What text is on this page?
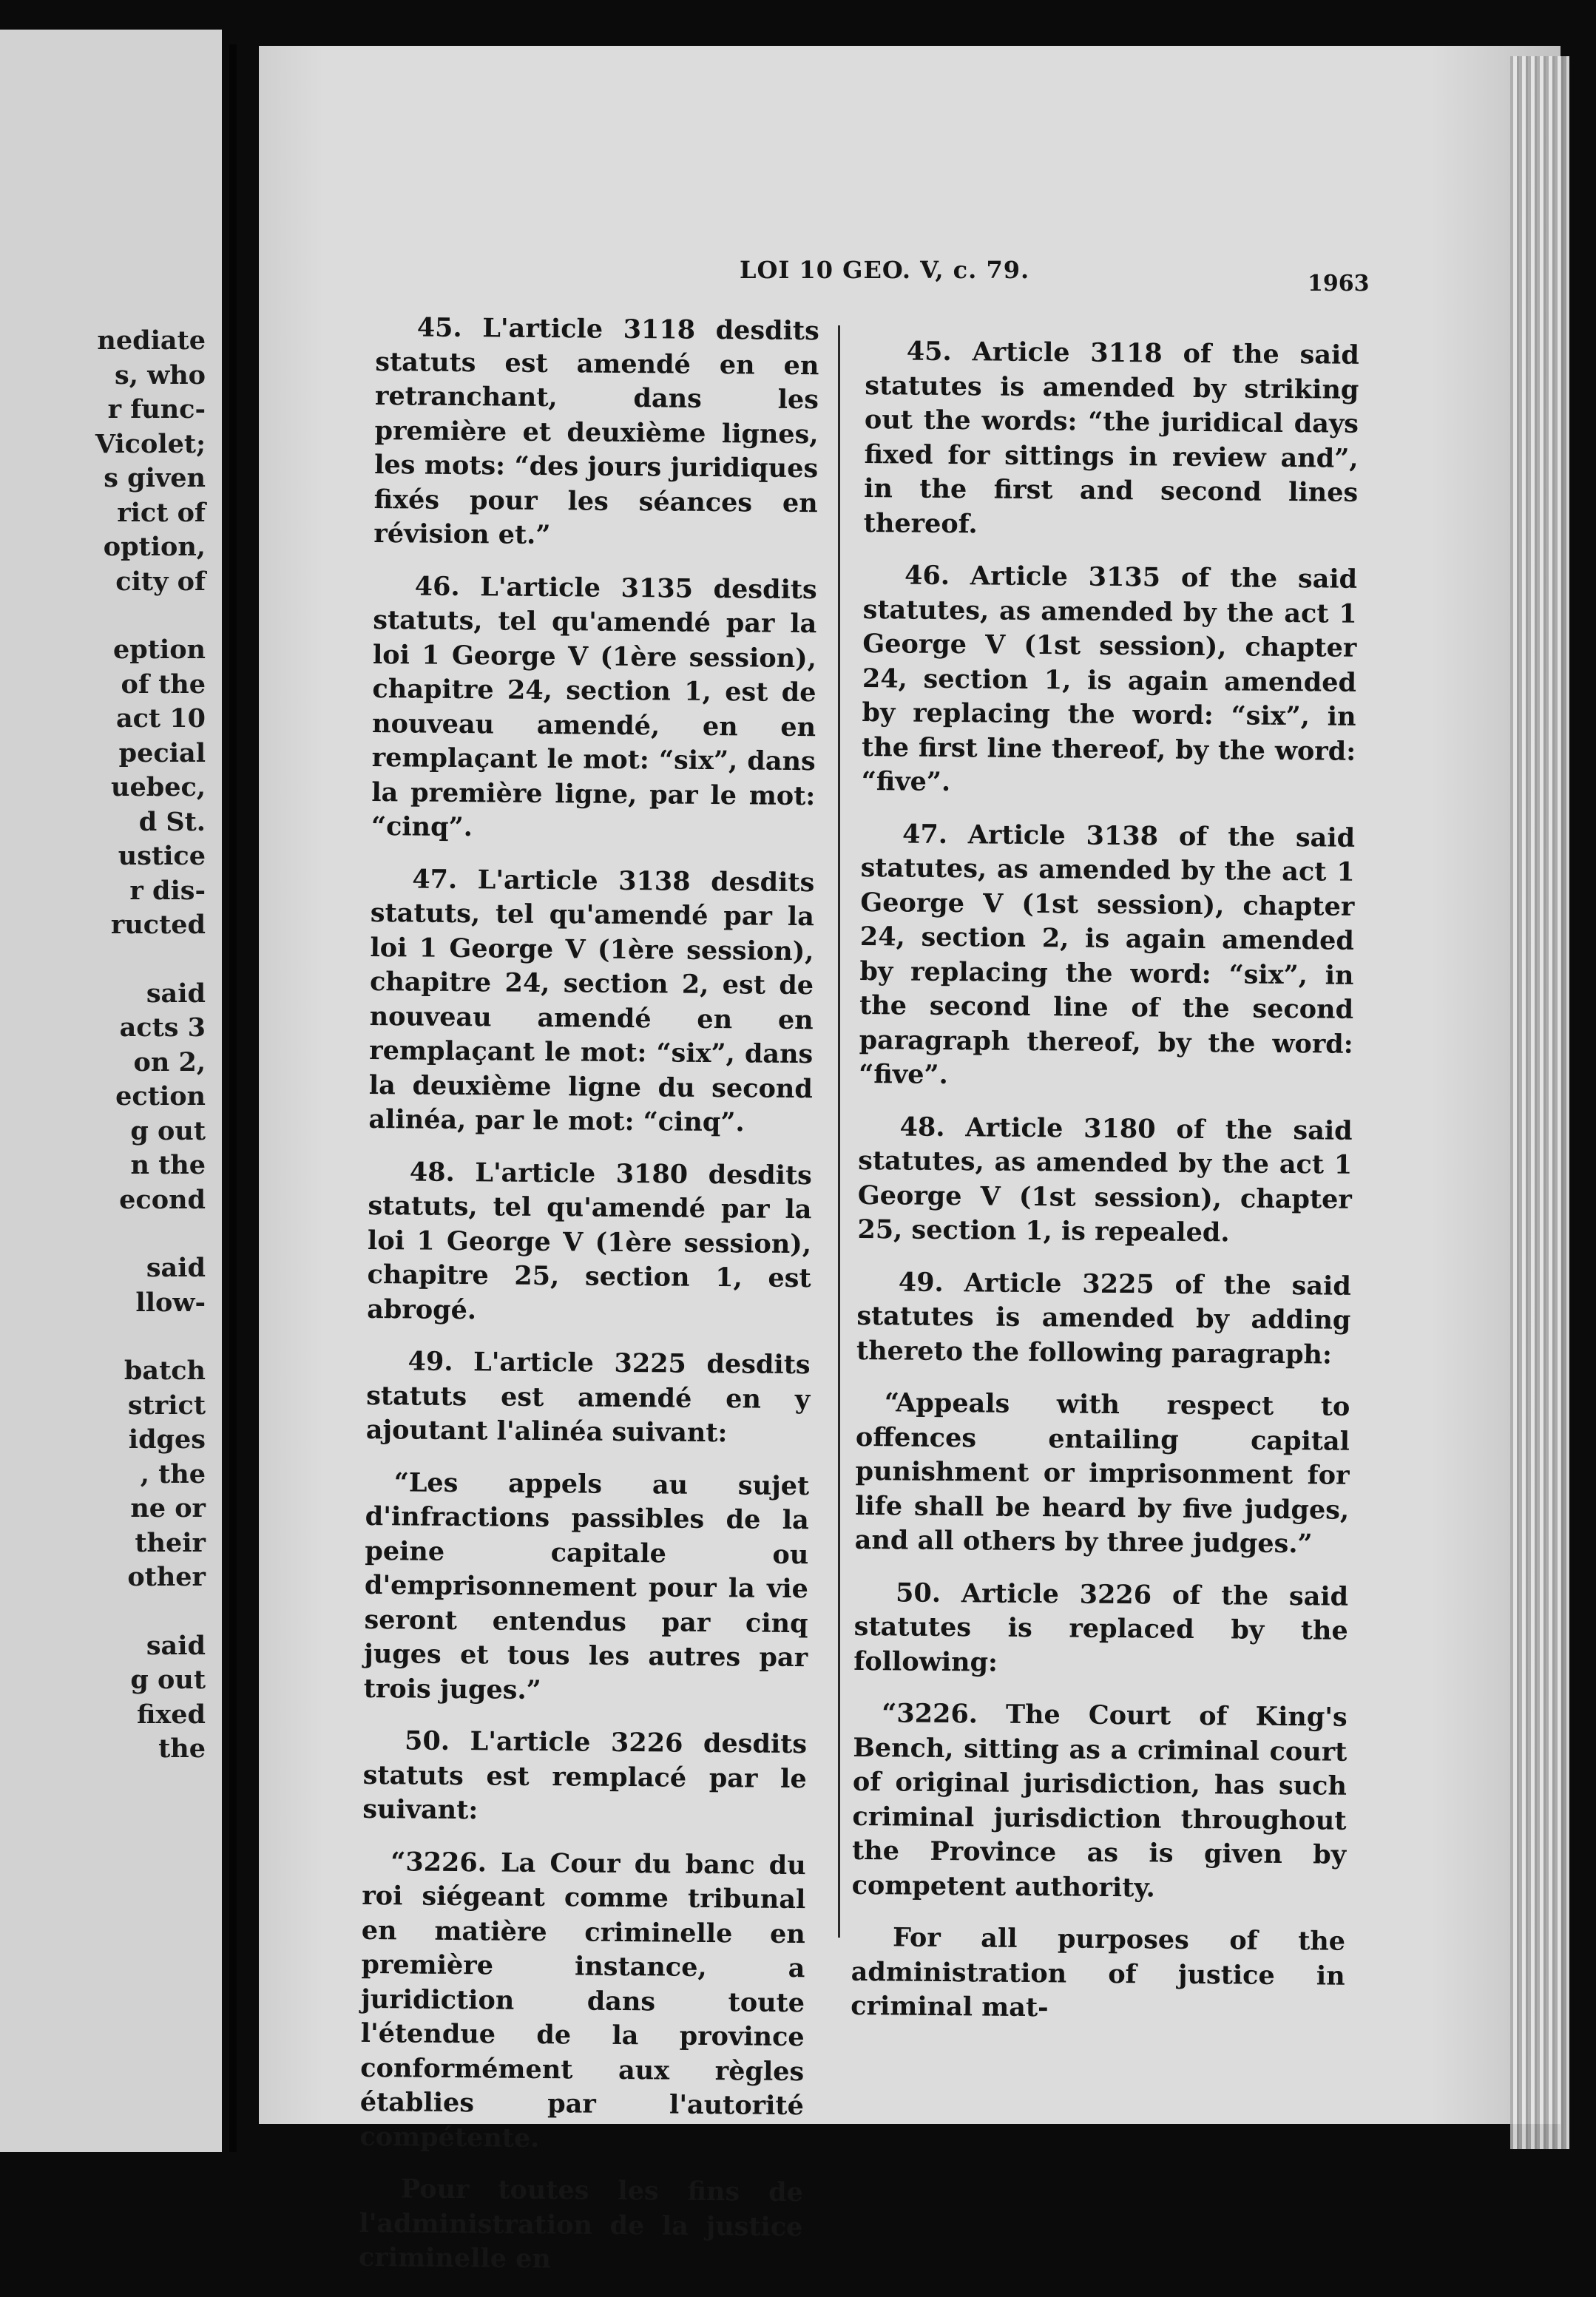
nediate
s, who
r func-
Vicolet;
s given
rict of
option,
city of
eption
of the
act 10
pecial
uebec,
d St.
ustice
r dis-
ructed
said
acts 3
on 2,
ection
g out
n the
econd
said
llow-
batch
strict
idges
, the
ne or
their
other
said
g out
fixed
the
LOI 10 GEO. V, c. 79.	1963

45. L'article 3118 desdits statuts est amendé en en retranchant, dans les première et deuxième lignes, les mots: “des jours juridiques fixés pour les séances en révision et.”

46. L'article 3135 desdits statuts, tel qu'amendé par la loi 1 George V (1ère session), chapitre 24, section 1, est de nouveau amendé, en en remplaçant le mot: “six”, dans la première ligne, par le mot: “cinq”.

47. L'article 3138 desdits statuts, tel qu'amendé par la loi 1 George V (1ère session), chapitre 24, section 2, est de nouveau amendé en en remplaçant le mot: “six”, dans la deuxième ligne du second alinéa, par le mot: “cinq”.

48. L'article 3180 desdits statuts, tel qu'amendé par la loi 1 George V (1ère session), chapitre 25, section 1, est abrogé.

49. L'article 3225 desdits statuts est amendé en y ajoutant l'alinéa suivant:

“Les appels au sujet d'infractions passibles de la peine capitale ou d'emprisonnement pour la vie seront entendus par cinq juges et tous les autres par trois juges.”

50. L'article 3226 desdits statuts est remplacé par le suivant:

“3226. La Cour du banc du roi siégeant comme tribunal en matière criminelle en première instance, a juridiction dans toute l'étendue de la province conformément aux règles établies par l'autorité compétente.

Pour toutes les fins de l'administration de la justice criminelle en

45. Article 3118 of the said statutes is amended by striking out the words: “the juridical days fixed for sittings in review and”, in the first and second lines thereof.

46. Article 3135 of the said statutes, as amended by the act 1 George V (1st session), chapter 24, section 1, is again amended by replacing the word: “six”, in the first line thereof, by the word: “five”.

47. Article 3138 of the said statutes, as amended by the act 1 George V (1st session), chapter 24, section 2, is again amended by replacing the word: “six”, in the second line of the second paragraph thereof, by the word: “five”.

48. Article 3180 of the said statutes, as amended by the act 1 George V (1st session), chapter 25, section 1, is repealed.

49. Article 3225 of the said statutes is amended by adding thereto the following paragraph:

“Appeals with respect to offences entailing capital punishment or imprisonment for life shall be heard by five judges, and all others by three judges.”

50. Article 3226 of the said statutes is replaced by the following:

“3226. The Court of King's Bench, sitting as a criminal court of original jurisdiction, has such criminal jurisdiction throughout the Province as is given by competent authority.

For all purposes of the administration of justice in criminal mat-
